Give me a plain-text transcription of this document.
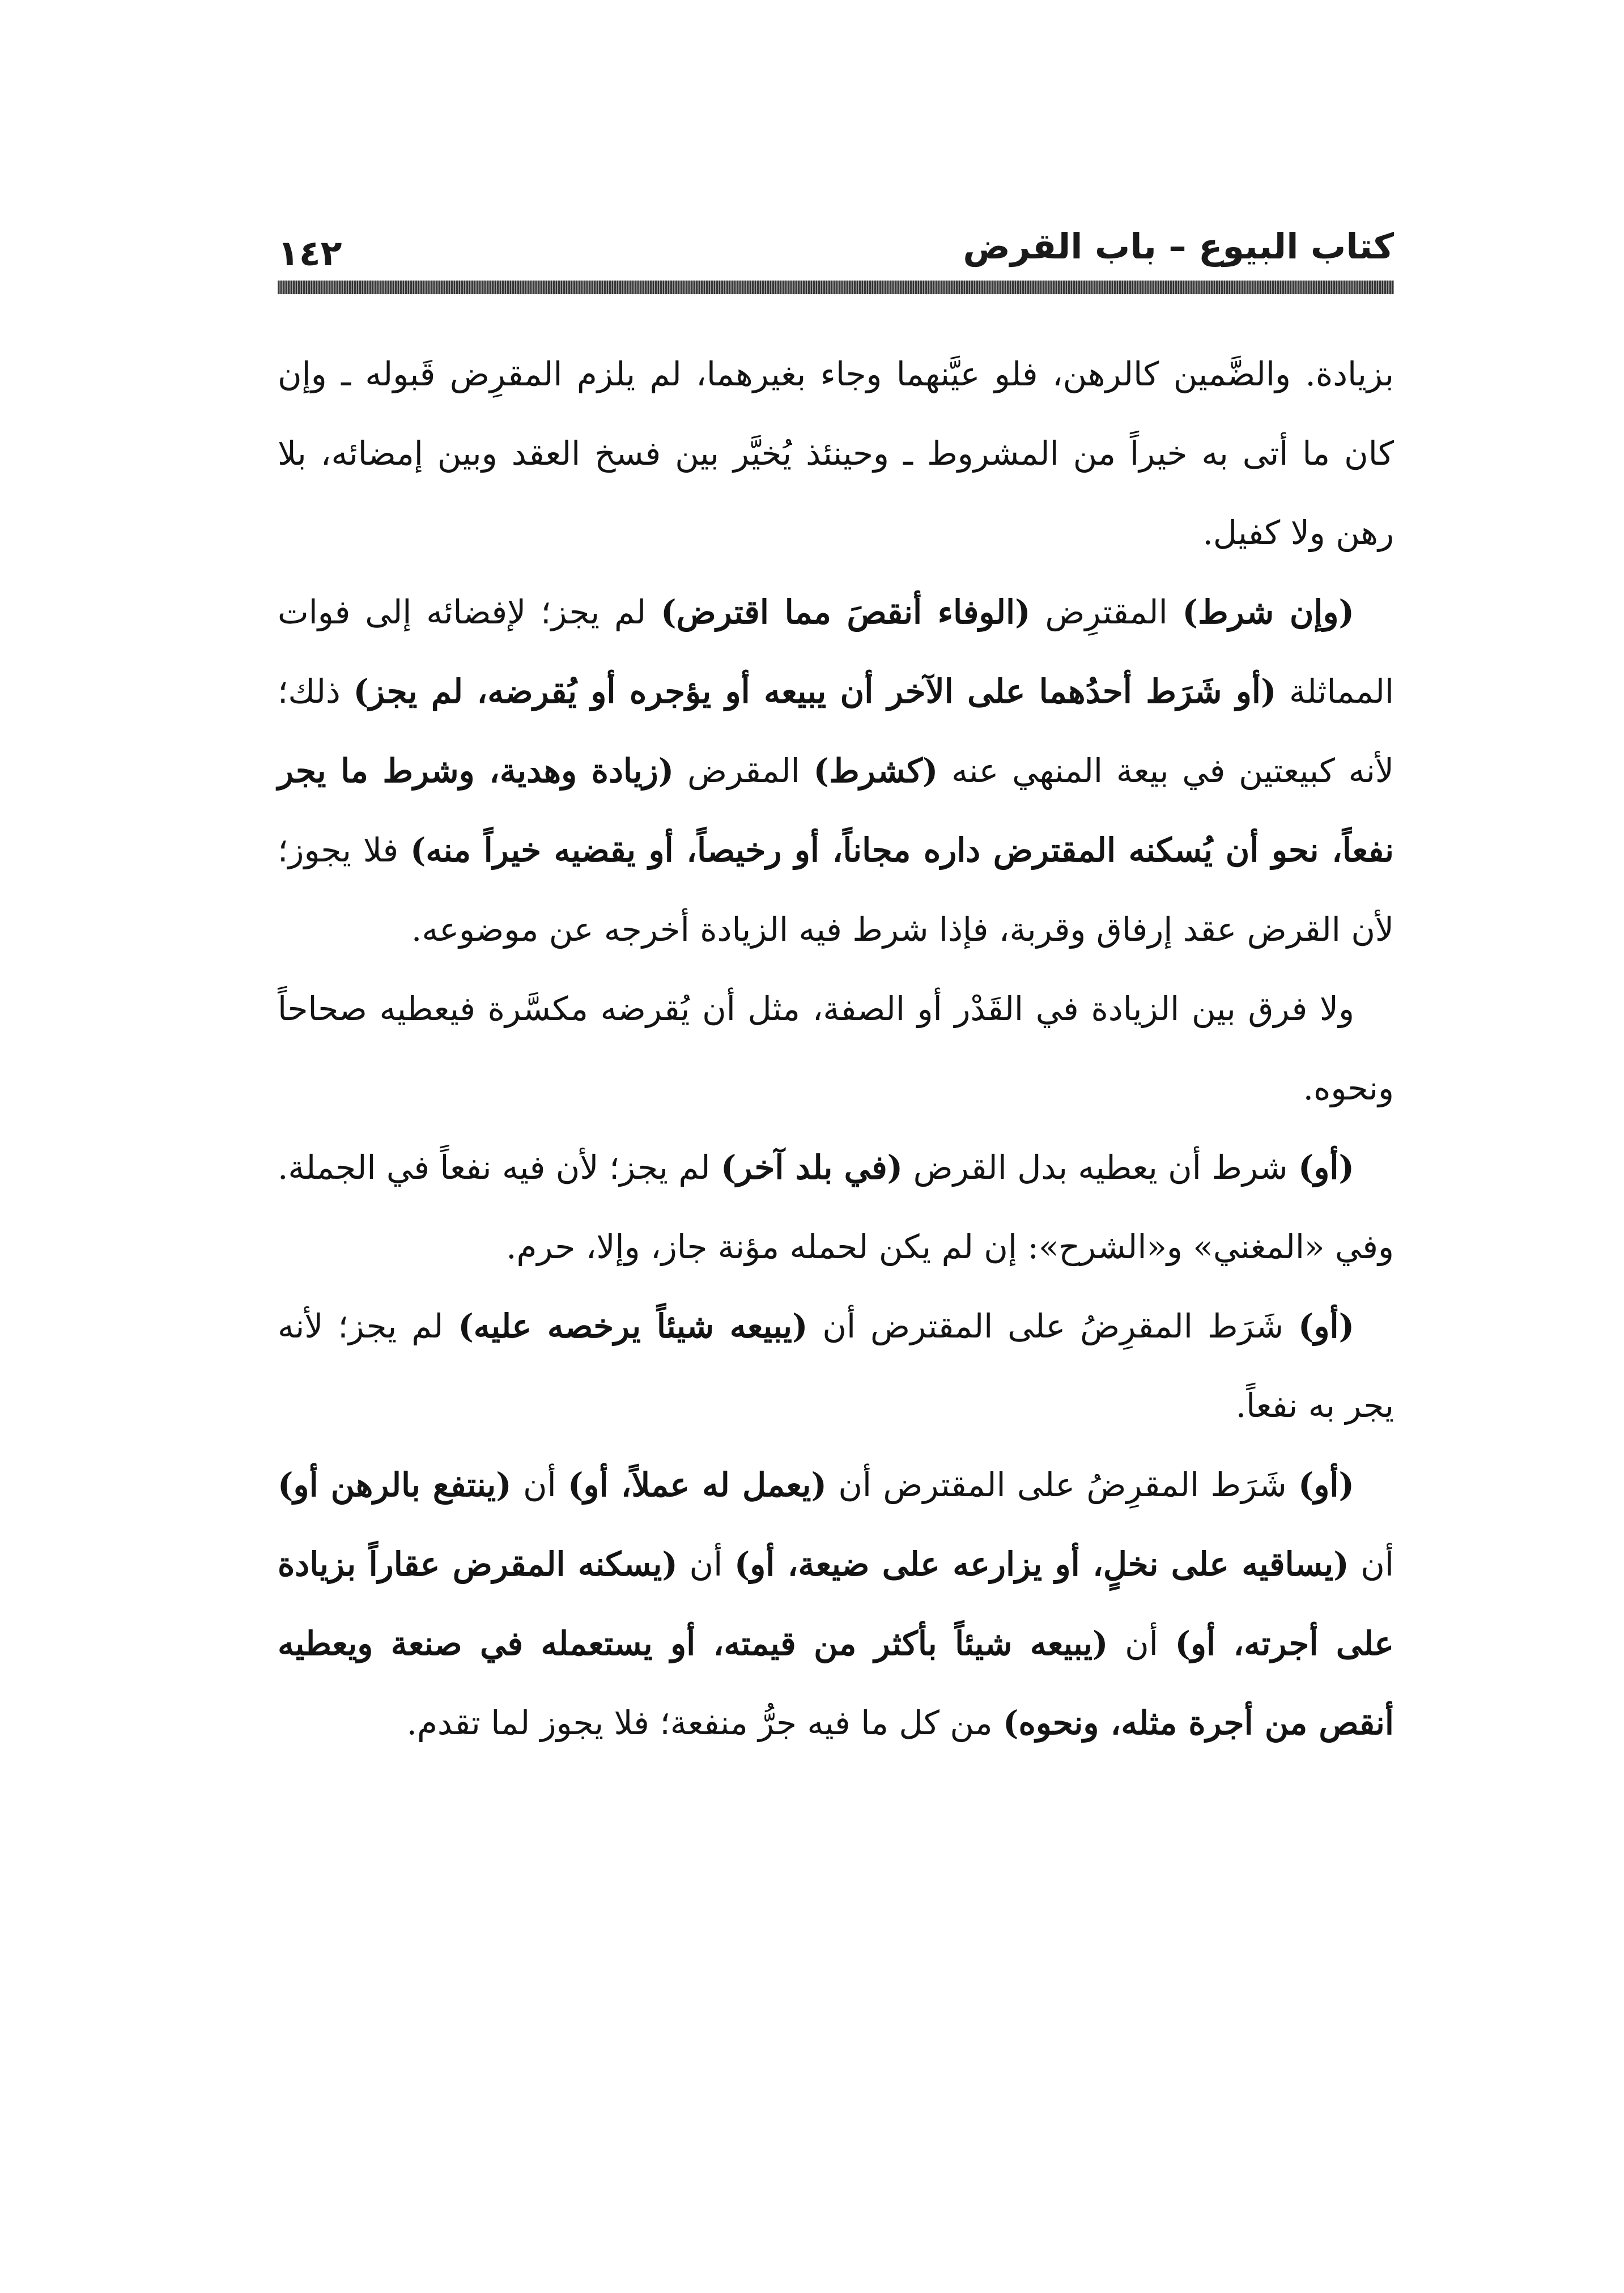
كتاب البيوع – باب القرض
١٤٢

بزيادة. والضَّمين كالرهن، فلو عيَّنهما وجاء بغيرهما، لم يلزم المقرِض قَبوله ـ وإن كان ما أتى به خيراً من المشروط ـ وحينئذ يُخيَّر بين فسخ العقد وبين إمضائه، بلا رهن ولا كفيل.

(وإن شرط) المقترِض (الوفاء أنقصَ مما اقترض) لم يجز؛ لإفضائه إلى فوات المماثلة (أو شَرَط أحدُهما على الآخر أن يبيعه أو يؤجره أو يُقرضه، لم يجز) ذلك؛ لأنه كبيعتين في بيعة المنهي عنه (كشرط) المقرض (زيادة وهدية، وشرط ما يجر نفعاً، نحو أن يُسكنه المقترض داره مجاناً، أو رخيصاً، أو يقضيه خيراً منه) فلا يجوز؛ لأن القرض عقد إرفاق وقربة، فإذا شرط فيه الزيادة أخرجه عن موضوعه.

ولا فرق بين الزيادة في القَدْر أو الصفة، مثل أن يُقرضه مكسَّرة فيعطيه صحاحاً ونحوه.

(أو) شرط أن يعطيه بدل القرض (في بلد آخر) لم يجز؛ لأن فيه نفعاً في الجملة. وفي «المغني» و«الشرح»: إن لم يكن لحمله مؤنة جاز، وإلا، حرم.

(أو) شَرَط المقرِضُ على المقترض أن (يبيعه شيئاً يرخصه عليه) لم يجز؛ لأنه يجر به نفعاً.

(أو) شَرَط المقرِضُ على المقترض أن (يعمل له عملاً، أو) أن (ينتفع بالرهن أو) أن (يساقيه على نخلٍ، أو يزارعه على ضيعة، أو) أن (يسكنه المقرض عقاراً بزيادة على أجرته، أو) أن (يبيعه شيئاً بأكثر من قيمته، أو يستعمله في صنعة ويعطيه أنقص من أجرة مثله، ونحوه) من كل ما فيه جرُّ منفعة؛ فلا يجوز لما تقدم.
